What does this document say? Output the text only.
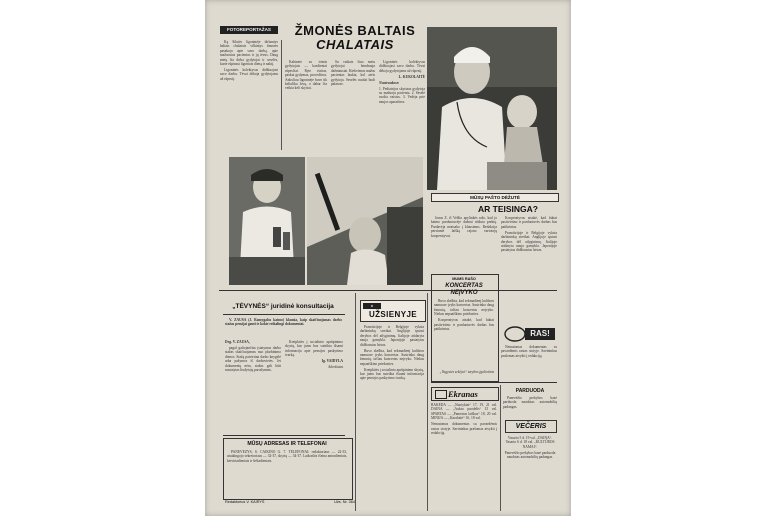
FOTOREPORTAŽAS	ŽMONĖS BALTAIS
CHALATAIS

Ką Šilutės ligoninėje dirbantys baltais chalatais vilkintys žmonės pasakoja apie savo darbą, apie mažuosius pacientus ir jų tėvus. Daug metų čia dirba gydytojai ir seselės, kurie rūpinasi ligoniais dieną ir naktį.

Ligoninės kolektyvas didžiuojasi savo darbu. Tėvai dėkoja gydytojams už rūpestį.

Kabinete su trimis gydytojais — kasdieniai rūpesčiai. Ryte vizitas, paskui gydymas, procedūros. Anksčiau ligoninėje buvo tik keliolika lovų, o dabar čia veikia keli skyriai.

Su vaikais šiuo metu gydytojai bendrauja dažniausiai. Kiekvienas mažas pacientas laukia, kol ateis gydytoja. Seselės nuolat budi palatose.

Ligoninės kolektyvas didžiuojasi savo darbu. Tėvai dėkoja gydytojams už rūpestį.

L. KUKOLAITĖ

Nuotraukose:

1. Pediatrijos skyriaus gydytoja su mažuoju pacientu. 2. Seselė ruošia vaistus. 3. Vedėja prie naujos aparatūros.

„TĖVYNĖS“ juridinė konsultacija

V. ZAUSA (J. Ramygalos kaimo) klausia, kaip skaičiuojamas darbo stažas pensijai gauti ir kokie reikalingi dokumentai.

Drg. V. ZAUSA,

pagal galiojančius įstatymus darbo stažas skaičiuojamas nuo įdarbinimo dienos. Stažą patvirtina darbo knygelė arba pažymos iš darbovietės. Jei dokumentų nėra, stažas gali būti nustatytas liudytojų parodymais.

Kreipkitės į socialinio aprūpinimo skyrių, kur jums bus suteikta išsami informacija apie pensijos paskyrimo tvarką.

Ig. VAIDYLA

Advokatas

MŪSŲ ADRESAS IR TELEFONAI

PANEVĖŽYS, S. ČAIKINO G. 7. TELEFONAI: redaktoriaus — 22-33, atsakingojo sekretoriaus — 32-37, skyrių — 34-37. Laikraštis išeina antradieniais, ketvirtadieniais ir šeštadieniais.

Redaktorius V. KAIRYS	Užs. Nr. 364
★
UŽSIENYJE

Prancūzijoje ir Belgijoje vyksta darbininkų streikai. Anglijoje tęsiasi derybos dėl atlyginimų. Italijoje atidaryta nauja gamykla. Japonijoje pastatytas didžiausias laivas.

Buvo skelbta, kad sekmadienį kultūros namuose įvyks koncertas. Susirinko daug žmonių, tačiau koncertas neįvyko. Niekas nepaaiškino priežasties.

Kreipkitės į socialinio aprūpinimo skyrių, kur jums bus suteikta išsami informacija apie pensijos paskyrimo tvarką.

MŪSŲ PAŠTO DĖŽUTĖ
AR TEISINGA?

Jonas Z. iš Velžio apylinkės rašo, kad jo kaimo parduotuvėje dažnai trūksta prekių. Pardavėja neatsako į klausimus. Redakcija persiuntė laišką rajono vartotojų kooperatyvui.

Kooperatyvas atsakė, kad faktai pasitvirtino ir parduotuvės darbas bus patikrintas.

Prancūzijoje ir Belgijoje vyksta darbininkų streikai. Anglijoje tęsiasi derybos dėl atlyginimų. Italijoje atidaryta nauja gamykla. Japonijoje pastatytas didžiausias laivas.

MUMS RAŠO
KONCERTAS NEĮVYKO

Buvo skelbta, kad sekmadienį kultūros namuose įvyks koncertas. Susirinko daug žmonių, tačiau koncertas neįvyko. Niekas nepaaiškino priežasties.

Kooperatyvas atsakė, kad faktai pasitvirtino ir parduotuvės darbas bus patikrintas.

„Vagystės sekėjai“ tarybos įgaliotinis

RAS!

Nematomas dokumentas su pavardėmis rastas stotyje. Savininkas prašomas atvykti į redakciją.

Ekranas

BAKEDA — „Nuotykiai“ 17, 19, 21 val. DAINA — „Aukso puodelis“ 15 val. SPARTAS — „Pamestas laiškas“ 18, 20 val. MINIJA — „Karalaitė“ 16, 18 val.

Nematomas dokumentas su pavardėmis rastas stotyje. Savininkas prašomas atvykti į redakciją.

PARDUODA

Panevėžio prekybos bazė parduoda naudotas automobilių padangas.

VEČERIS

Vasario 5 d. 19 val. „DAINA“. Vasario 6 d. 18 val. „KULTŪROS NAMAI“.

Panevėžio prekybos bazė parduoda naudotas automobilių padangas.
